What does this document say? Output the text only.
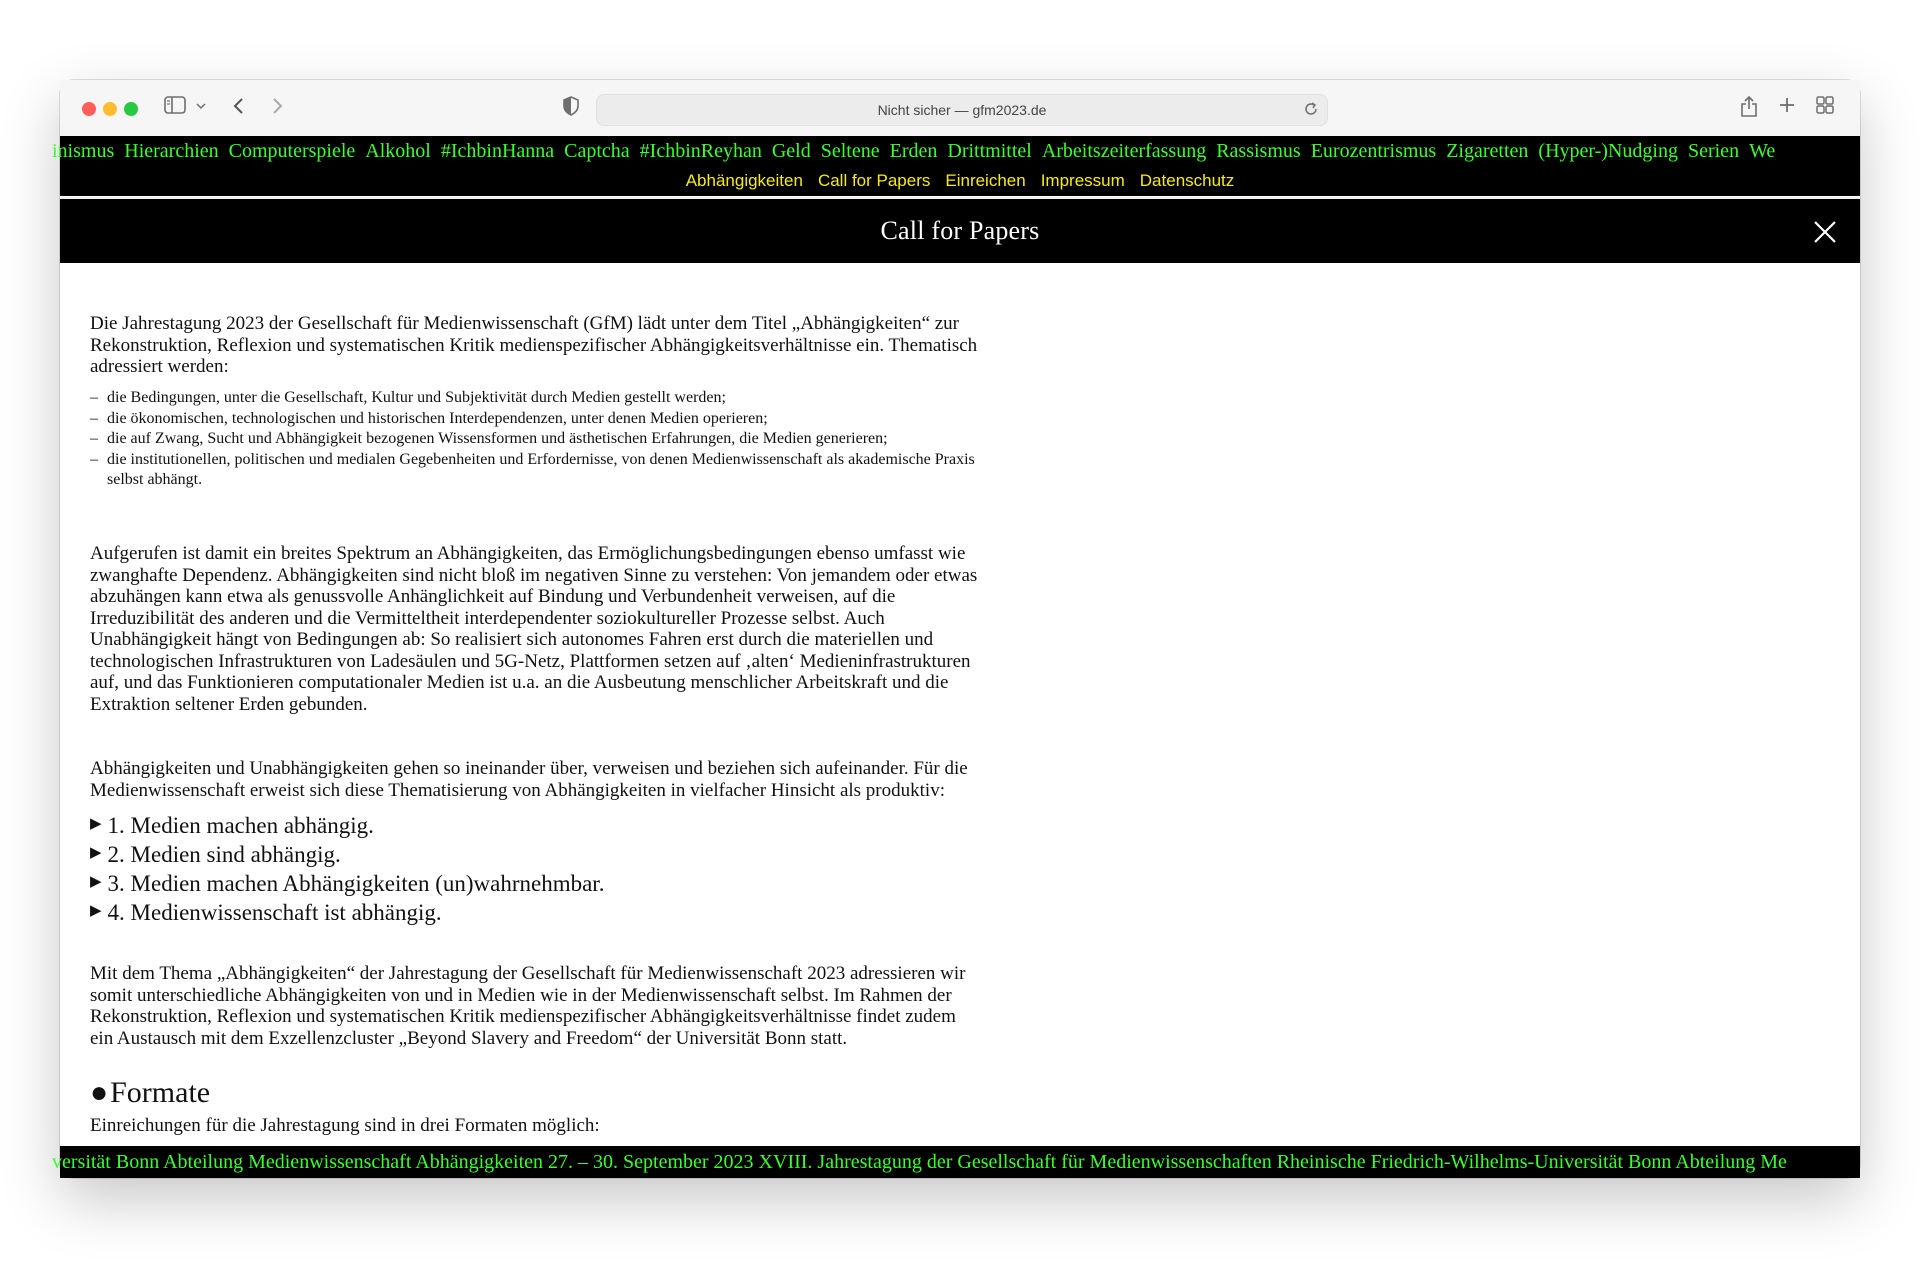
Nicht sicher — gfm2023.de
inismus Hierarchien Computerspiele Alkohol #IchbinHanna Captcha #IchbinReyhan Geld Seltene Erden Drittmittel Arbeitszeiterfassung Rassismus Eurozentrismus Zigaretten (Hyper-)Nudging Serien We
Abhängigkeiten Call for Papers Einreichen Impressum Datenschutz
Call for Papers

Die Jahrestagung 2023 der Gesellschaft für Medienwissenschaft (GfM) lädt unter dem Titel „Abhängigkeiten“ zur Rekonstruktion, Reflexion und systematischen Kritik medienspezifischer Abhängigkeitsverhältnisse ein. Thematisch adressiert werden:

– die Bedingungen, unter die Gesellschaft, Kultur und Subjektivität durch Medien gestellt werden;
– die ökonomischen, technologischen und historischen Interdependenzen, unter denen Medien operieren;
– die auf Zwang, Sucht und Abhängigkeit bezogenen Wissensformen und ästhetischen Erfahrungen, die Medien generieren;
– die institutionellen, politischen und medialen Gegebenheiten und Erfordernisse, von denen Medienwissenschaft als akademische Praxis selbst abhängt.

Aufgerufen ist damit ein breites Spektrum an Abhängigkeiten, das Ermöglichungsbedingungen ebenso umfasst wie zwanghafte Dependenz. Abhängigkeiten sind nicht bloß im negativen Sinne zu verstehen: Von jemandem oder etwas abzuhängen kann etwa als genussvolle Anhänglichkeit auf Bindung und Verbundenheit verweisen, auf die Irreduzibilität des anderen und die Vermitteltheit interdependenter soziokultureller Prozesse selbst. Auch Unabhängigkeit hängt von Bedingungen ab: So realisiert sich autonomes Fahren erst durch die materiellen und technologischen Infrastrukturen von Ladesäulen und 5G-Netz, Plattformen setzen auf ‚alten‘ Medieninfrastrukturen auf, und das Funktionieren computationaler Medien ist u.a. an die Ausbeutung menschlicher Arbeitskraft und die Extraktion seltener Erden gebunden.

Abhängigkeiten und Unabhängigkeiten gehen so ineinander über, verweisen und beziehen sich aufeinander. Für die Medienwissenschaft erweist sich diese Thematisierung von Abhängigkeiten in vielfacher Hinsicht als produktiv:

▶ 1. Medien machen abhängig.
▶ 2. Medien sind abhängig.
▶ 3. Medien machen Abhängigkeiten (un)wahrnehmbar.
▶ 4. Medienwissenschaft ist abhängig.

Mit dem Thema „Abhängigkeiten“ der Jahrestagung der Gesellschaft für Medienwissenschaft 2023 adressieren wir somit unterschiedliche Abhängigkeiten von und in Medien wie in der Medienwissenschaft selbst. Im Rahmen der Rekonstruktion, Reflexion und systematischen Kritik medienspezifischer Abhängigkeitsverhältnisse findet zudem ein Austausch mit dem Exzellenzcluster „Beyond Slavery and Freedom“ der Universität Bonn statt.

●Formate
Einreichungen für die Jahrestagung sind in drei Formaten möglich:
versität Bonn Abteilung Medienwissenschaft Abhängigkeiten 27. – 30. September 2023 XVIII. Jahrestagung der Gesellschaft für Medienwissenschaften Rheinische Friedrich-Wilhelms-Universität Bonn Abteilung Me
